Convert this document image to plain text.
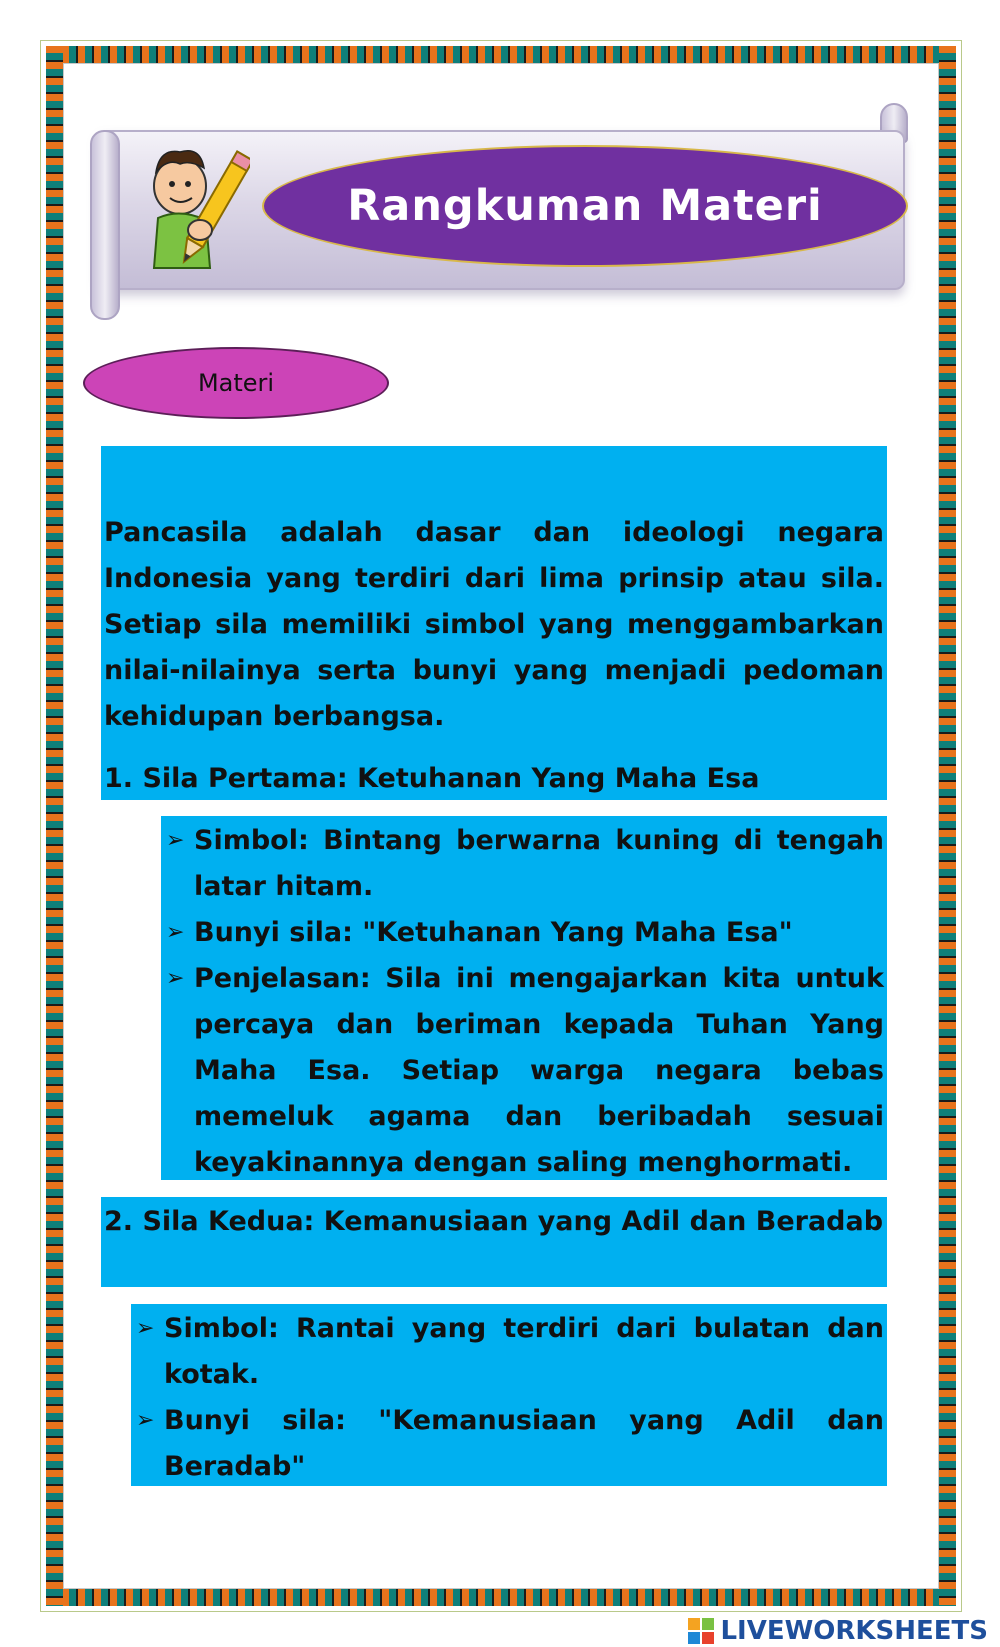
Rangkuman Materi
Materi

Pancasila adalah dasar dan ideologi negara Indonesia yang terdiri dari lima prinsip atau sila. Setiap sila memiliki simbol yang menggambarkan nilai-nilainya serta bunyi yang menjadi pedoman kehidupan berbangsa.

1. Sila Pertama: Ketuhanan Yang Maha Esa

➢ Simbol: Bintang berwarna kuning di tengah latar hitam.
➢ Bunyi sila: "Ketuhanan Yang Maha Esa"
➢ Penjelasan: Sila ini mengajarkan kita untuk percaya dan beriman kepada Tuhan Yang Maha Esa. Setiap warga negara bebas memeluk agama dan beribadah sesuai keyakinannya dengan saling menghormati.

2. Sila Kedua: Kemanusiaan yang Adil dan Beradab

➢ Simbol: Rantai yang terdiri dari bulatan dan kotak.
➢ Bunyi sila: "Kemanusiaan yang Adil dan Beradab"
LIVEWORKSHEETS
